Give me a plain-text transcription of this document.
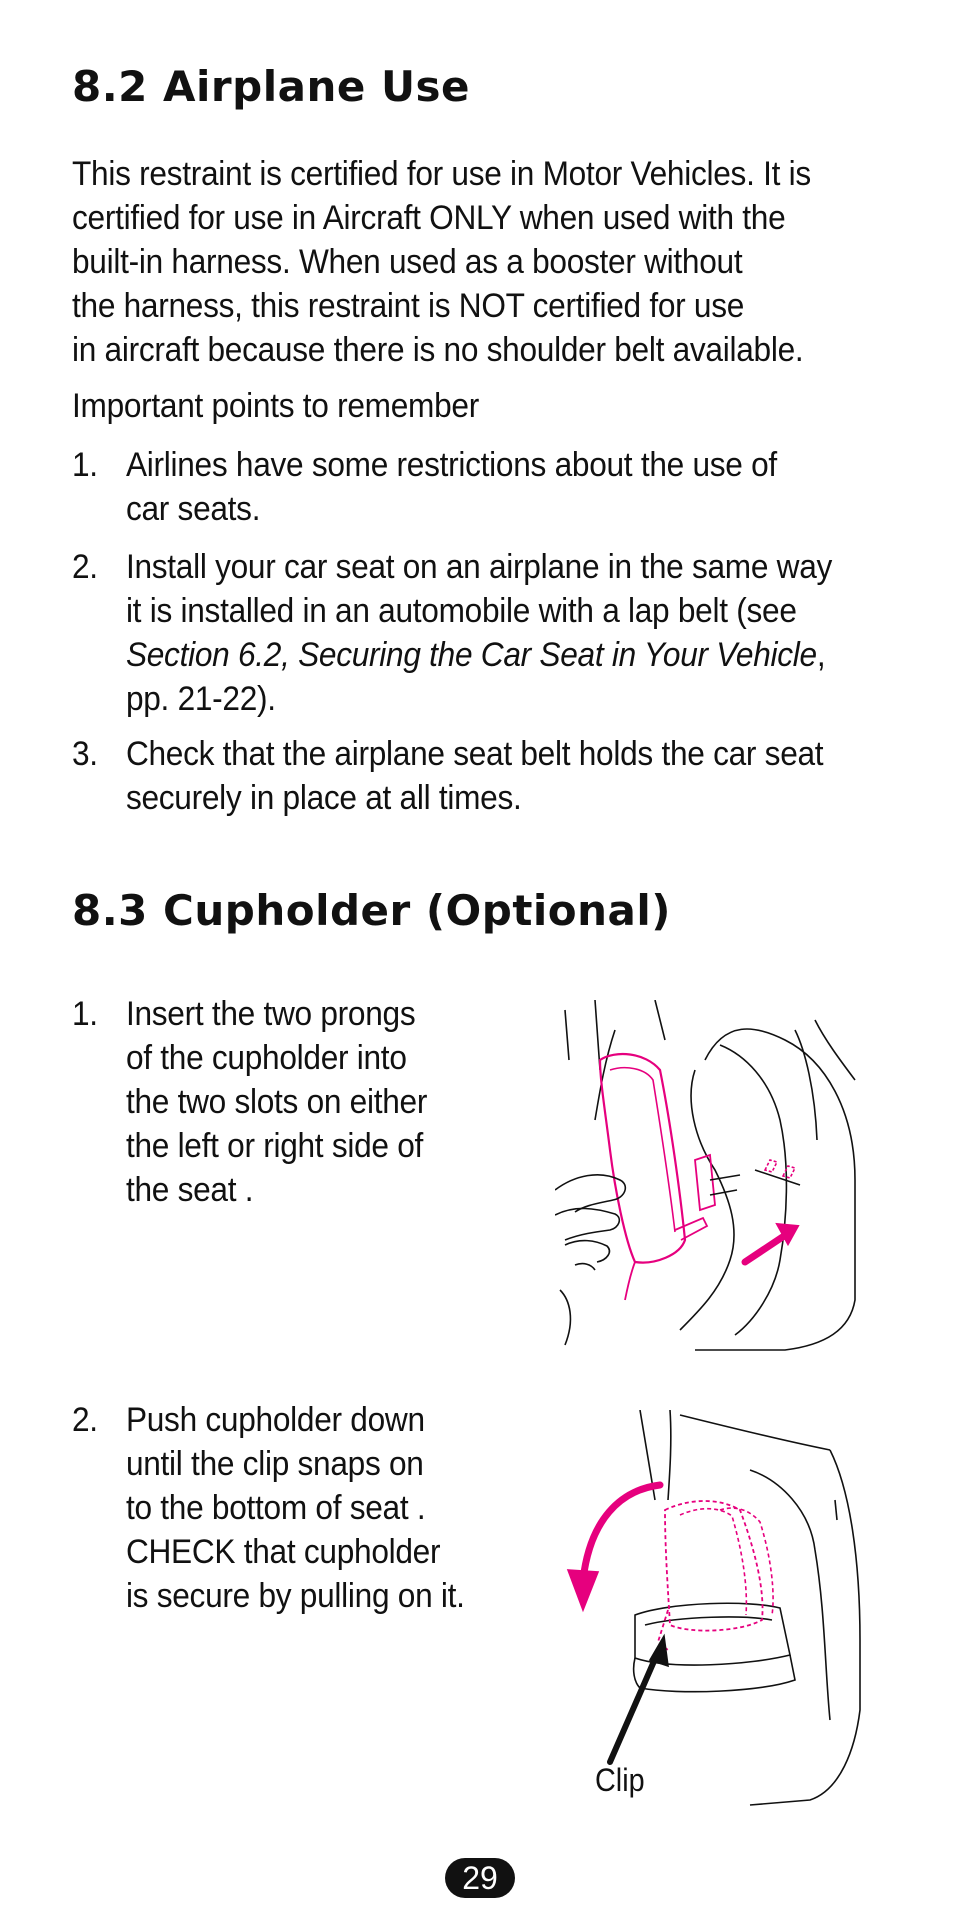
8.2 Airplane Use
This restraint is certified for use in Motor Vehicles. It is
certified for use in Aircraft ONLY when used with the
built-in harness. When used as a booster without
the harness, this restraint is NOT certified for use
in aircraft because there is no shoulder belt available.
Important points to remember
1. Airlines have some restrictions about the use of
car seats.
2. Install your car seat on an airplane in the same way
it is installed in an automobile with a lap belt (see
Section 6.2, Securing the Car Seat in Your Vehicle,
pp. 21-22).
3. Check that the airplane seat belt holds the car seat
securely in place at all times.
8.3 Cupholder (Optional)
1. Insert the two prongs
of the cupholder into
the two slots on either
the left or right side of
the seat .
2. Push cupholder down
until the clip snaps on
to the bottom of seat .
CHECK that cupholder
is secure by pulling on it.
Clip
29
